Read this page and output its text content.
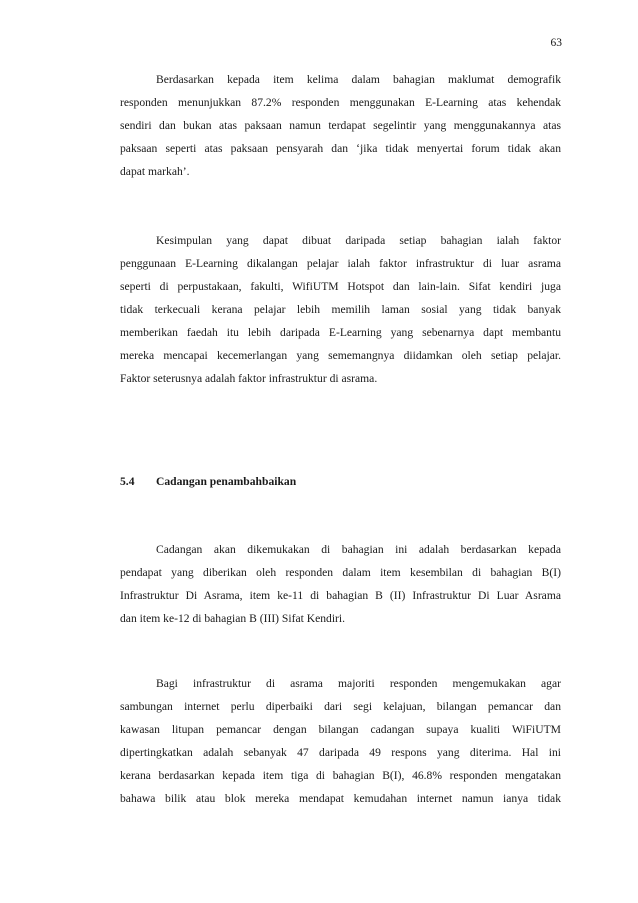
63
Berdasarkan kepada item kelima dalam bahagian maklumat demografik
responden menunjukkan 87.2% responden menggunakan E-Learning atas kehendak
sendiri dan bukan atas paksaan namun terdapat segelintir yang menggunakannya atas
paksaan seperti atas paksaan pensyarah dan ‘jika tidak menyertai forum tidak akan
dapat markah’.
Kesimpulan yang dapat dibuat daripada setiap bahagian ialah faktor
penggunaan E-Learning dikalangan pelajar ialah faktor infrastruktur di luar asrama
seperti di perpustakaan, fakulti, WifiUTM Hotspot dan lain-lain. Sifat kendiri juga
tidak terkecuali kerana pelajar lebih memilih laman sosial yang tidak banyak
memberikan faedah itu lebih daripada E-Learning yang sebenarnya dapt membantu
mereka mencapai kecemerlangan yang sememangnya diidamkan oleh setiap pelajar.
Faktor seterusnya adalah faktor infrastruktur di asrama.
5.4 Cadangan penambahbaikan
Cadangan akan dikemukakan di bahagian ini adalah berdasarkan kepada
pendapat yang diberikan oleh responden dalam item kesembilan di bahagian B(I)
Infrastruktur Di Asrama, item ke-11 di bahagian B (II) Infrastruktur Di Luar Asrama
dan item ke-12 di bahagian B (III) Sifat Kendiri.
Bagi infrastruktur di asrama majoriti responden mengemukakan agar
sambungan internet perlu diperbaiki dari segi kelajuan, bilangan pemancar dan
kawasan litupan pemancar dengan bilangan cadangan supaya kualiti WiFiUTM
dipertingkatkan adalah sebanyak 47 daripada 49 respons yang diterima. Hal ini
kerana berdasarkan kepada item tiga di bahagian B(I), 46.8% responden mengatakan
bahawa bilik atau blok mereka mendapat kemudahan internet namun ianya tidak
